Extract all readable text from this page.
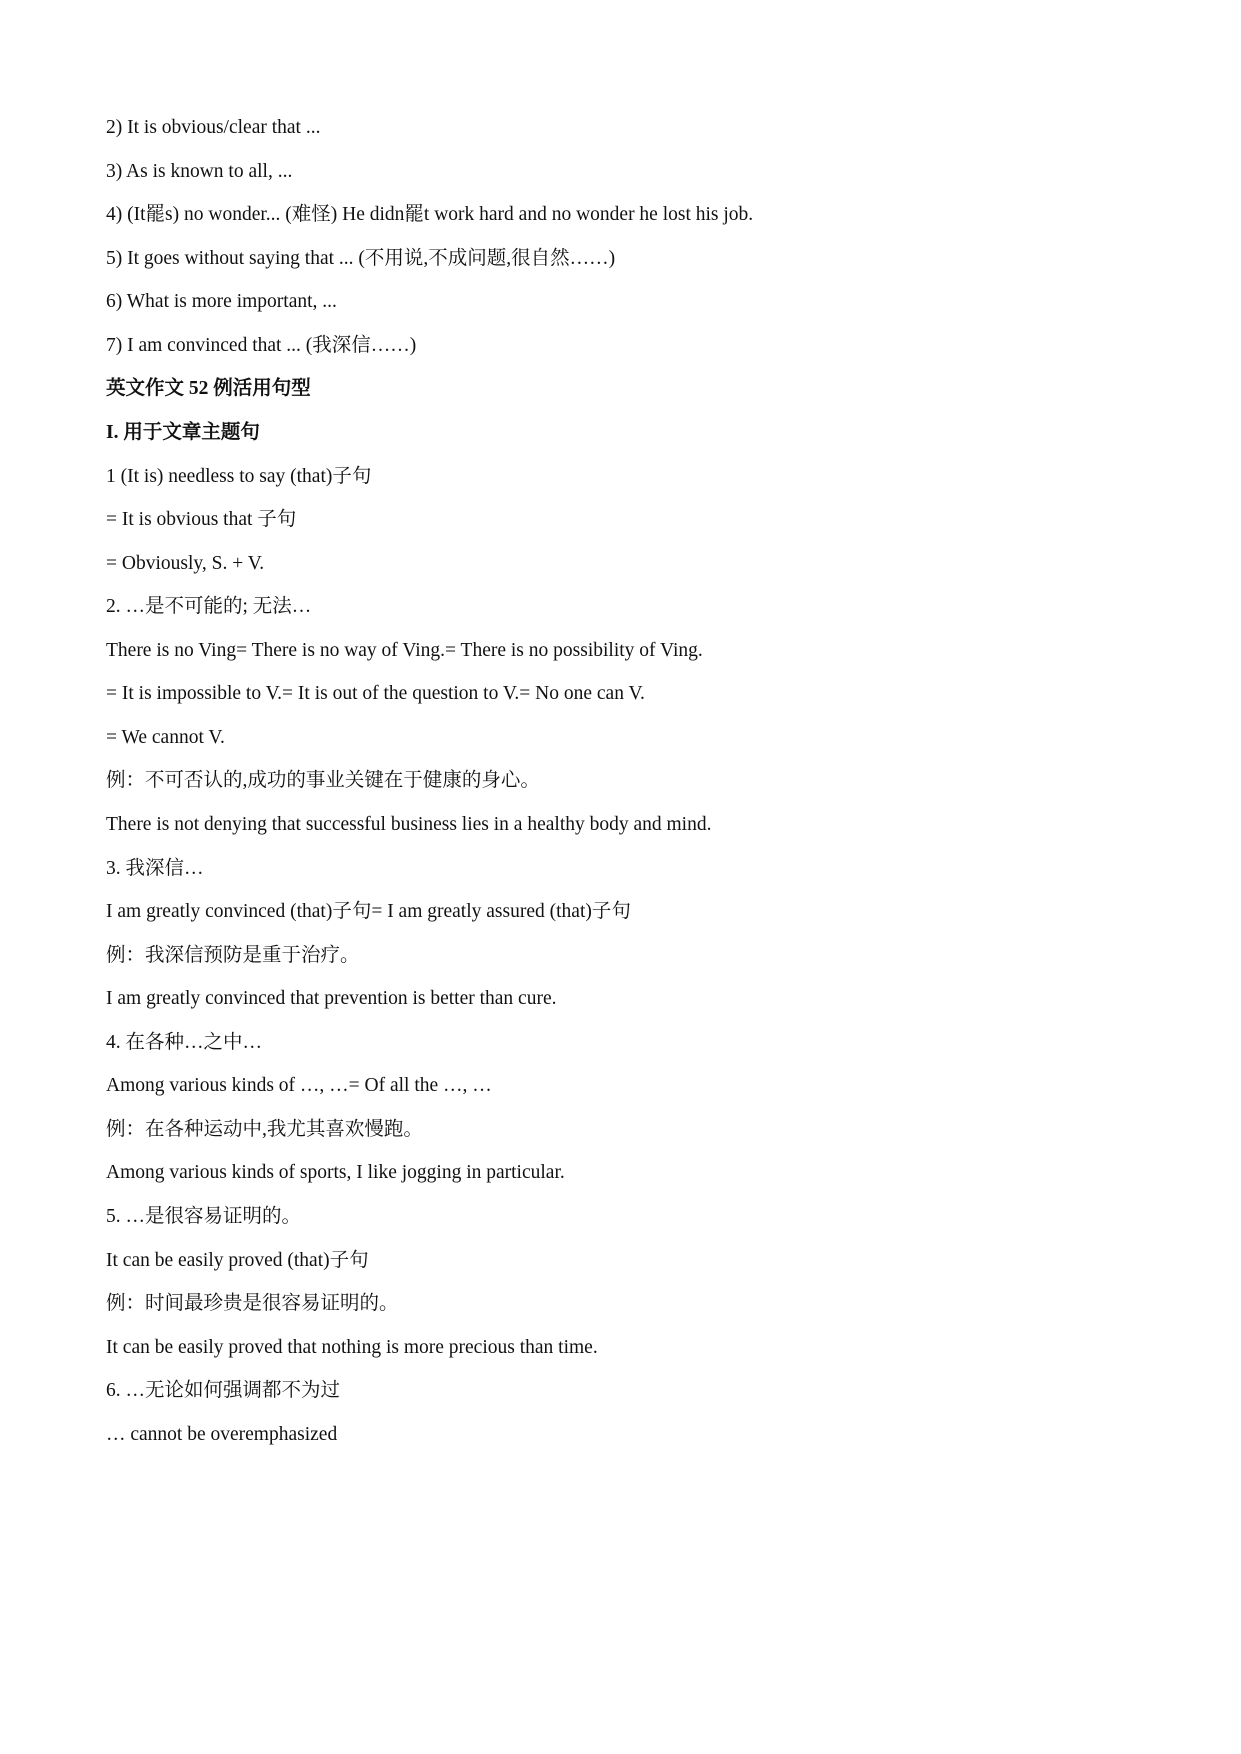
2) It is obvious/clear that ...
3) As is known to all, ...
4) (It罷s) no wonder... (难怪) He didn罷t work hard and no wonder he lost his job.
5) It goes without saying that ... (不用说,不成问题,很自然……)
6) What is more important, ...
7) I am convinced that ... (我深信……)
英文作文 52 例活用句型
I. 用于文章主题句
1 (It is) needless to say (that)子句
= It is obvious that 子句
= Obviously, S. + V.
2. …是不可能的; 无法…
There is no Ving= There is no way of Ving.= There is no possibility of Ving.
= It is impossible to V.= It is out of the question to V.= No one can V.
= We cannot V.
例：不可否认的,成功的事业关键在于健康的身心。
There is not denying that successful business lies in a healthy body and mind.
3. 我深信…
I am greatly convinced (that)子句= I am greatly assured (that)子句
例：我深信预防是重于治疗。
I am greatly convinced that prevention is better than cure.
4. 在各种…之中…
Among various kinds of …, …= Of all the …, …
例：在各种运动中,我尤其喜欢慢跑。
Among various kinds of sports, I like jogging in particular.
5. …是很容易证明的。
It can be easily proved (that)子句
例：时间最珍贵是很容易证明的。
It can be easily proved that nothing is more precious than time.
6. …无论如何强调都不为过
… cannot be overemphasized
